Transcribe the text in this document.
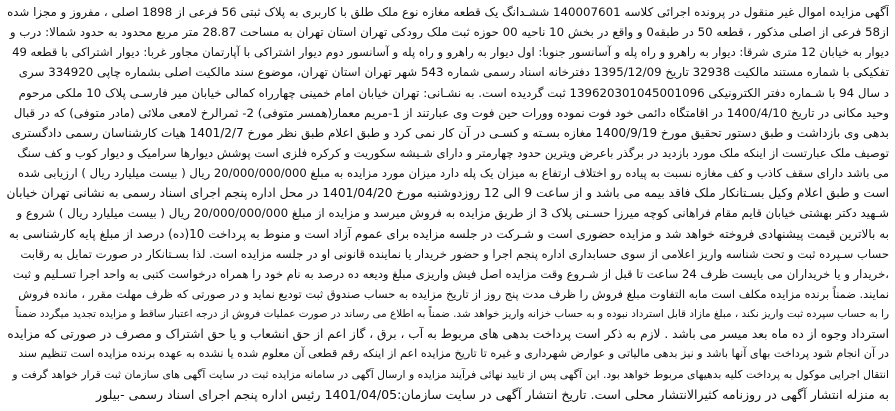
آگهی مزایده اموال غیر منقول در پرونده اجرائی کلاسه 140007601 ششـدانگ یک قطعه مغازه نوع ملک طلق با کاربری به پلاک ثبتی 56 فرعی از 1898 اصلی ، مفروز و مجزا شده
از58 فرعی از اصلی مذکور ، قطعه 50 در طبقه0 و واقع در بخش 10 ناحیه 00 حوزه ثبت ملک رودکی تهران استان تهران به مساحت 28.87 متر مربع محدود به حدود شمالا: درب و
دیوار به خیابان 12 متری شرقا: دیوار به راهرو و راه پله و آسانسور جنوبا: اول دیوار به راهرو و راه پله و آسانسور دوم دیوار اشتراکی با آپارتمان مجاور غربا: دیوار اشتراکی با قطعه 49
تفکیکی با شماره مستند مالکیت 32938 تاریخ 1395/12/09 دفترخانه اسناد رسمی شماره 543 شهر تهران استان تهران، موضوع سند مالکیت اصلی بشماره چاپی 334920 سری
د سال 94 با شـماره دفتر الکترونیکی 139620301045001096 ثبت گردیده است. به نشـانی: تهران خیابان امام خمینی چهارراه کمالی خیابان میر فارسـی پلاک 10 ملکی مرحوم
وحید مکانی در تاریخ 1400/4/10 در اقامتگاه دائمی خود فوت نموده وورات حین فوت وی عبارتند از 1-مریم معمار(همسر متوفی) 2- ثمرالرخ لامعی ملائی (مادر متوفی) که در قبال
بدهی وی بازداشت و طبق دستور تحقیق مورخ 1400/9/19 مغازه بسـته و کسـی در آن کار نمی کرد و طبق اعلام طبق نظر مورخ 1401/2/7 هیات کارشناسان رسمی دادگستری
توصیف ملک عبارتست از اینکه ملک مورد بازدید در برگذر باعرض ویترین حدود چهارمتر و دارای شـیشه سکوریت و کرکره فلزی است پوشش دیوارها سرامیک و دیوار کوب و کف سنگ
می باشد دارای سقف کاذب و کف مغازه نسبت به پیاده رو اختلاف ارتفاع به میزان یک پله دارد میزان مورد مزایده به مبلغ 20/000/000/000 ریال ( بیست میلیارد ریال ) ارزیابی شده
است و طبق اعلام وکیل بسـتانکار ملک فاقد بیمه می باشد و از ساعت 9 الی 12 روزدوشنبه مورخ 1401/04/20 در محل اداره پنجم اجرای اسناد رسمی به نشانی تهران خیابان
شـهید دکتر بهشتی خیابان قایم مقام فراهانی کوچه میرزا حسـنی پلاک 3 از طریق مزایده به فروش میرسد و مزایده از مبلغ 20/000/000/000 ریال ( بیست میلیارد ریال ) شروع و
به بالاترین قیمت پیشنهادی فروخته خواهد شد و مزایده حضوری است و شـرکت در جلسه مزایده برای عموم آزاد است و منوط به پرداخت 10(ده) درصد از مبلغ پایه کارشناسی به
حساب سـپرده ثبت و تحت شناسه واریز اعلامی از سوی حسابداری اداره پنجم اجرا و حضور خریدار یا نماینده قانونی او در جلسه مزایده است. لذا بسـتانکار در صورت تمایل به رقابت
،خریدار و یا خریداران می بایست ظرف 24 ساعت تا قبل از شـروع وقت مزایده اصل فیش واریزی مبلغ ودیعه ده درصد به نام خود را همراه درخواست کتبی به واحد اجرا تسـلیم و ثبت
نمایند. ضمناً برنده مزایده مکلف است مابه التفاوت مبلغ فروش را ظرف مدت پنج روز از تاریخ مزایده به حساب صندوق ثبت تودیع نماید و در صورتی که ظرف مهلت مقرر ، مانده فروش
را به حساب سپرده ثبت واریز نکند ، مبلغ مازاد قابل استرداد نبوده و به حساب خزانه واریز خواهد شد. ضمناً به اطلاع می رساند در صورت عملیات فروش از درجه اعتبار ساقط و مزایده تجدید میگردد ضمناً
استرداد وجوه از ده ماه بعد میسر می باشد . لازم به ذکر است پرداخت بدهی های مربوط به آب ، برق ، گاز اعم از حق انشعاب و یا حق اشتراک و مصرف در صورتی که مزایده
در آن انجام شود پرداخت بهای آنها باشد و نیز بدهی مالیاتی و عوارض شهرداری و غیره تا تاریخ مزایده اعم از اینکه رقم قطعی آن معلوم شده یا نشده به عهده برنده مزایده است تنظیم سند
انتقال اجرایی موکول به پرداخت کلیه بدهیهای مربوط خواهد بود. این آگهی پس از تایید نهائی فرآیند مزایده و ارسال آگهی در سامانه مزایده ثبت در سایت آگهی های سازمان ثبت قرار خواهد گرفت و
به منزله انتشار آگهی در روزنامه کثیرالانتشار محلی است. تاریخ انتشار آگهی در سایت سازمان:1401/04/05 رئیس اداره پنجم اجرای اسناد رسمی -بیلور
